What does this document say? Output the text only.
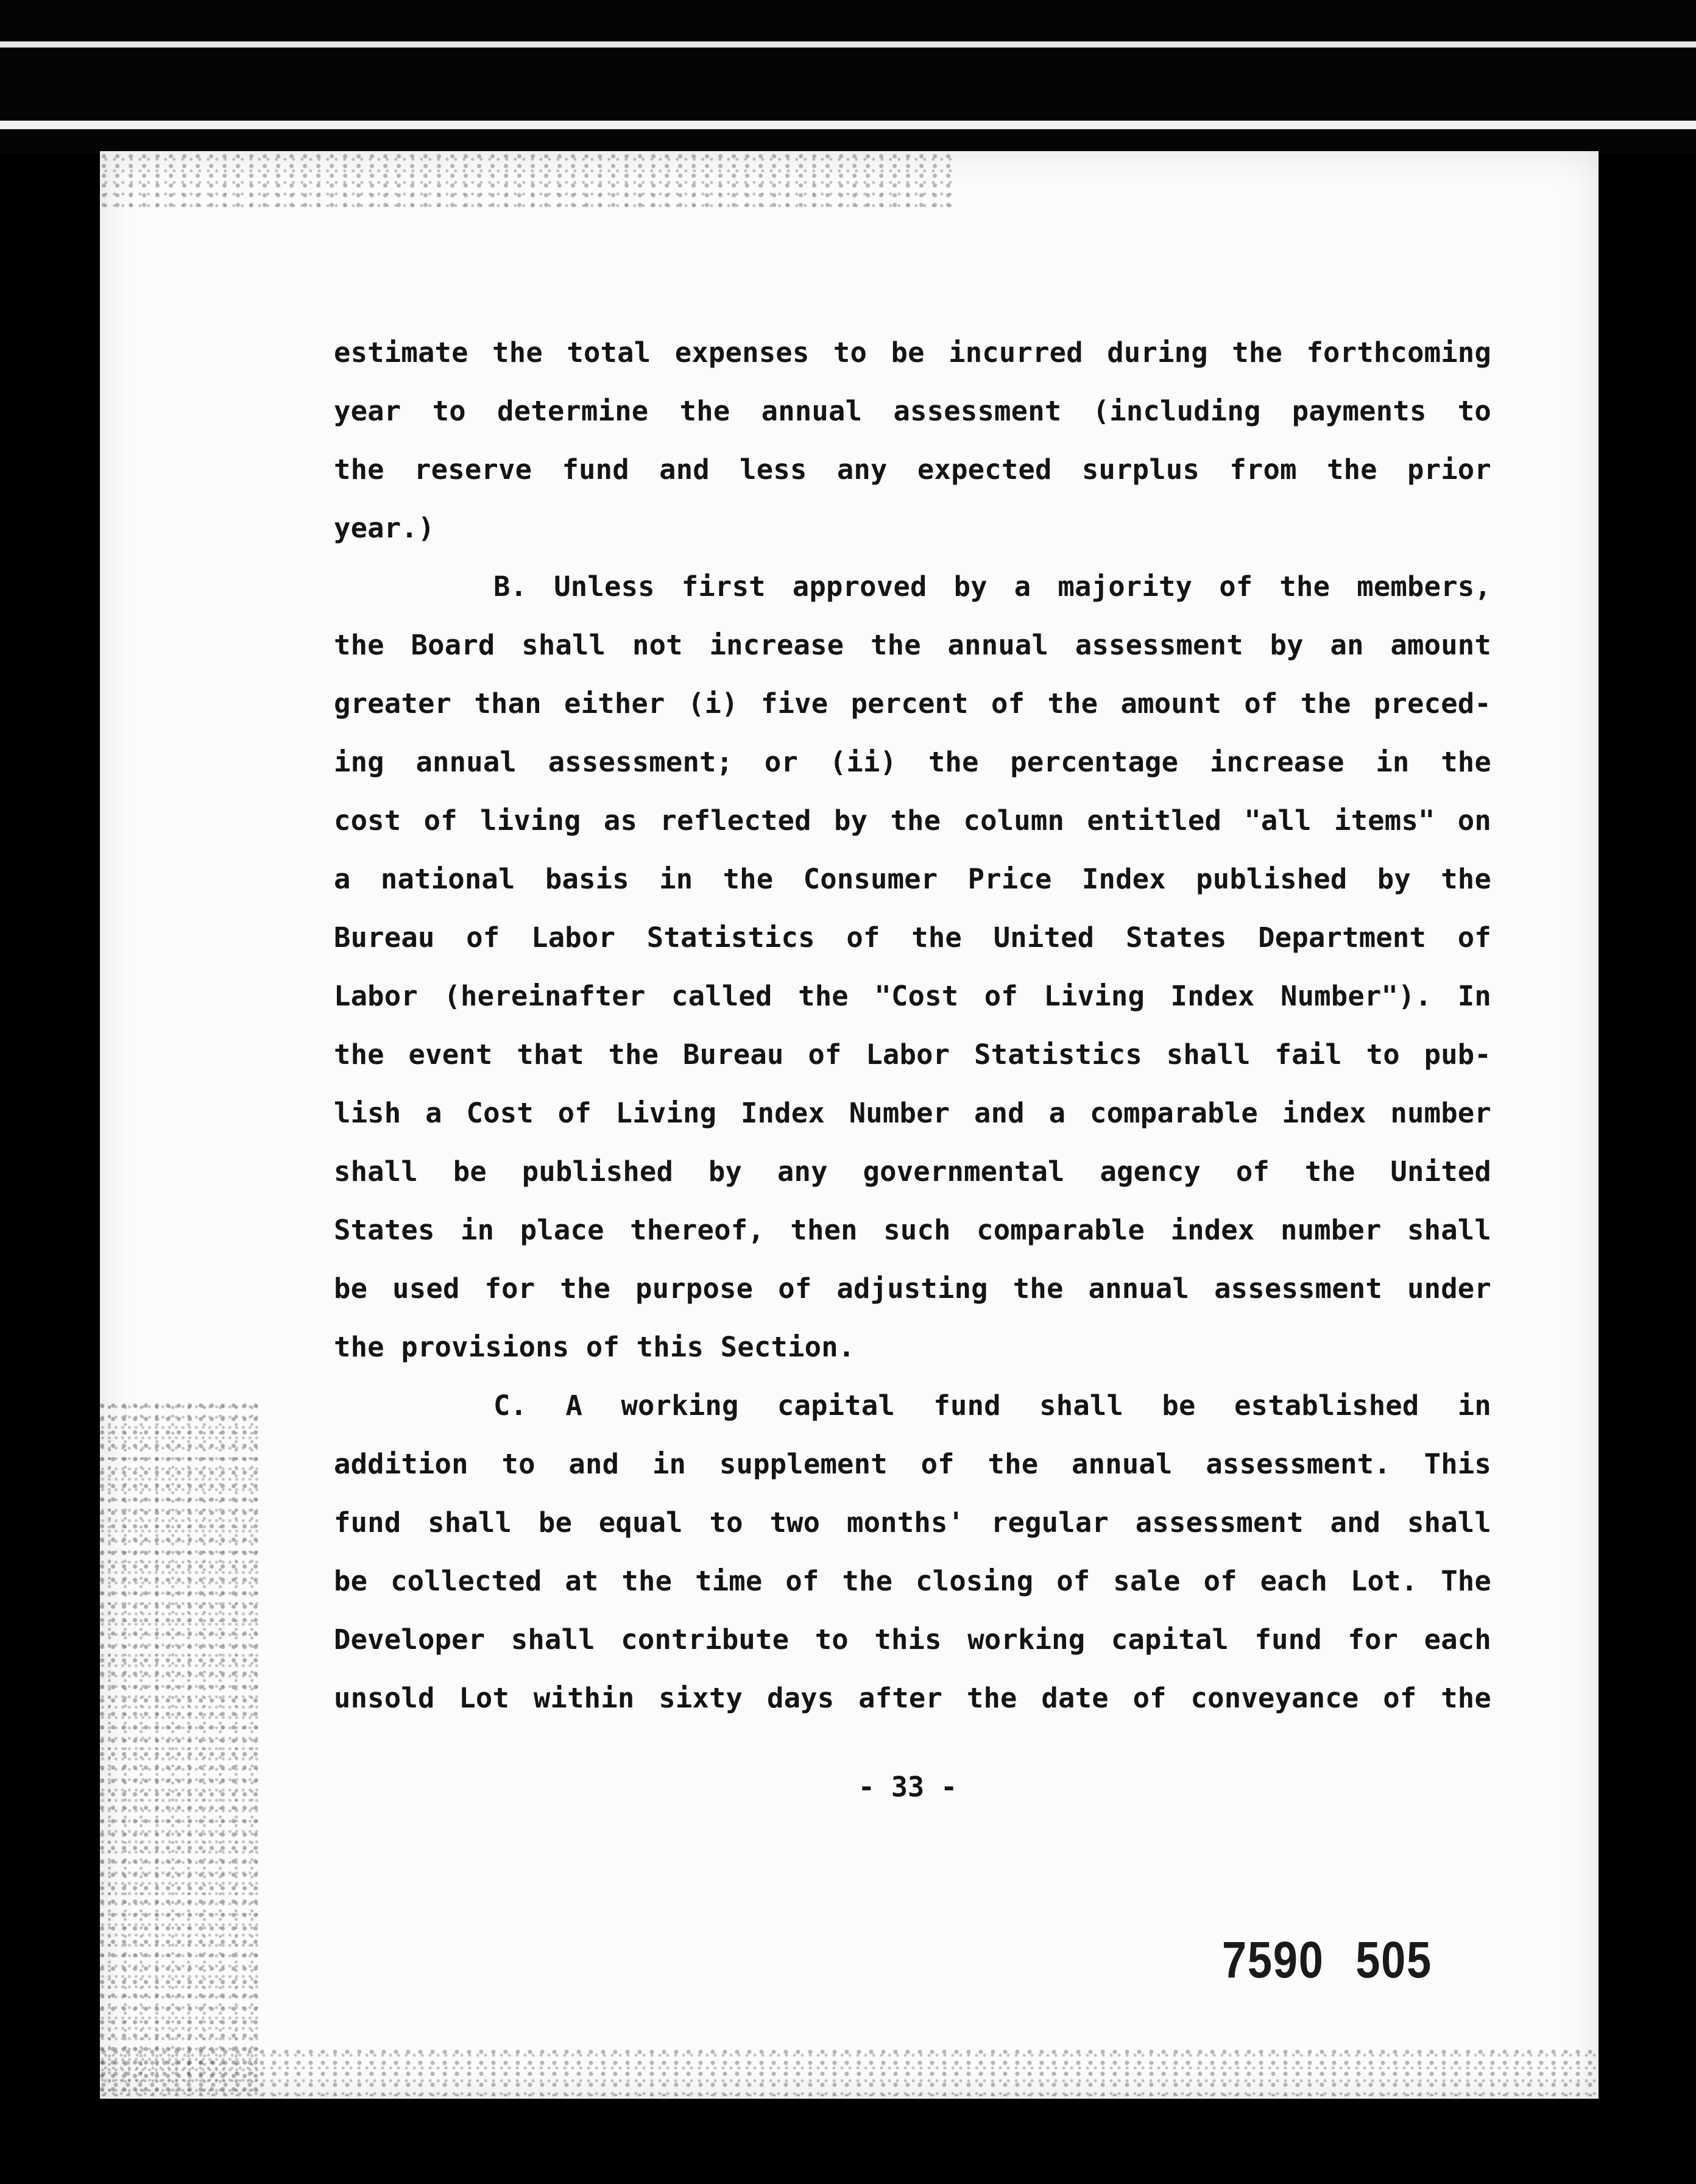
estimate the total expenses to be incurred during the forthcoming
year to determine the annual assessment (including payments to
the reserve fund and less any expected surplus from the prior
year.)
B. Unless first approved by a majority of the members,
the Board shall not increase the annual assessment by an amount
greater than either (i) five percent of the amount of the preced-
ing annual assessment; or (ii) the percentage increase in the
cost of living as reflected by the column entitled "all items" on
a national basis in the Consumer Price Index published by the
Bureau of Labor Statistics of the United States Department of
Labor (hereinafter called the "Cost of Living Index Number"). In
the event that the Bureau of Labor Statistics shall fail to pub-
lish a Cost of Living Index Number and a comparable index number
shall be published by any governmental agency of the United
States in place thereof, then such comparable index number shall
be used for the purpose of adjusting the annual assessment under
the provisions of this Section.
C. A working capital fund shall be established in
addition to and in supplement of the annual assessment. This
fund shall be equal to two months' regular assessment and shall
be collected at the time of the closing of sale of each Lot. The
Developer shall contribute to this working capital fund for each
unsold Lot within sixty days after the date of conveyance of the
- 33 -
7590 505
